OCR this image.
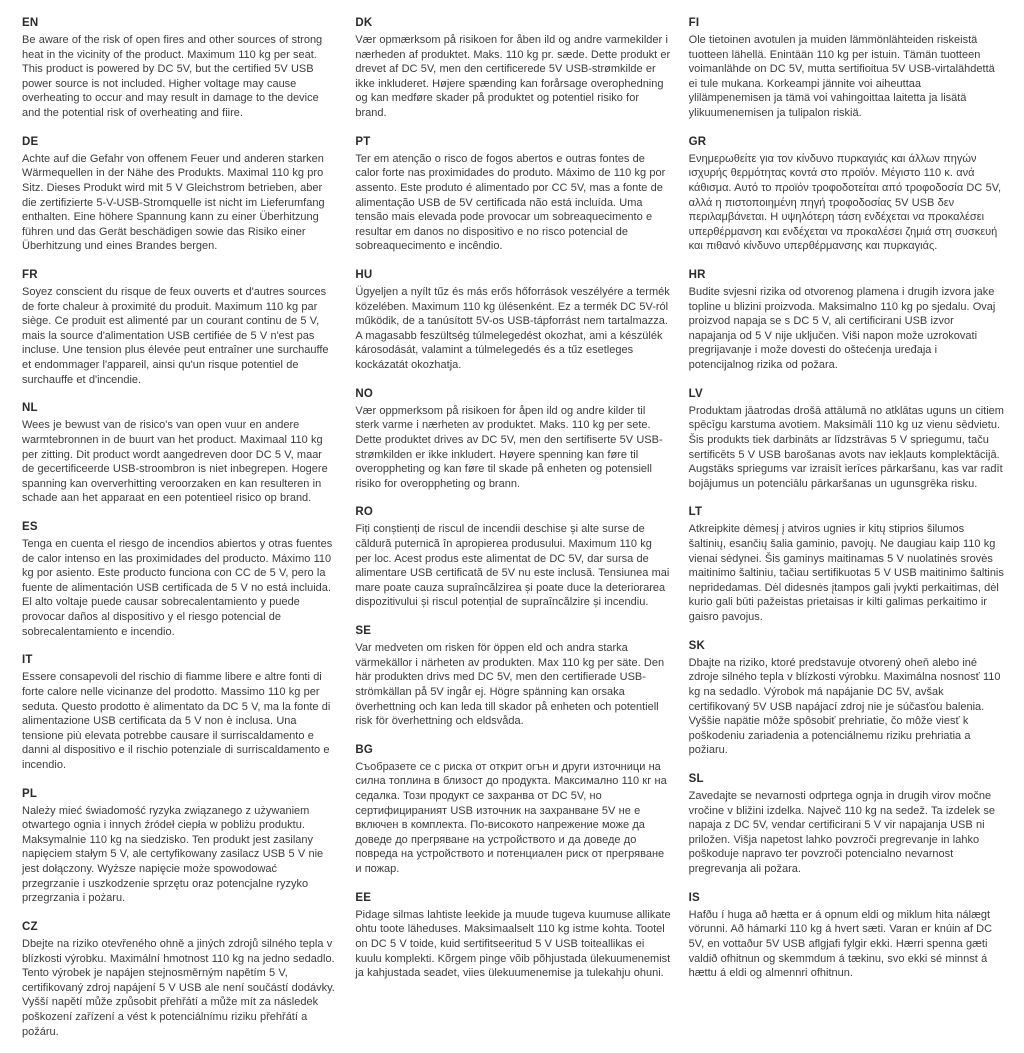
EN

Be aware of the risk of open fires and other sources of strong heat in the vicinity of the product. Maximum 110 kg per seat. This product is powered by DC 5V, but the certified 5V USB power source is not included. Higher voltage may cause overheating to occur and may result in damage to the device and the potential risk of overheating and fiire.

DE

Achte auf die Gefahr von offenem Feuer und anderen starken Wärmequellen in der Nähe des Produkts. Maximal 110 kg pro Sitz. Dieses Produkt wird mit 5 V Gleichstrom betrieben, aber die zertifizierte 5-V-USB-Stromquelle ist nicht im Lieferumfang enthalten. Eine höhere Spannung kann zu einer Überhitzung führen und das Gerät beschädigen sowie das Risiko einer Überhitzung und eines Brandes bergen.

FR

Soyez conscient du risque de feux ouverts et d'autres sources de forte chaleur à proximité du produit. Maximum 110 kg par siège. Ce produit est alimenté par un courant continu de 5 V, mais la source d'alimentation USB certifiée de 5 V n'est pas incluse. Une tension plus élevée peut entraîner une surchauffe et endommager l'appareil, ainsi qu'un risque potentiel de surchauffe et d'incendie.

NL

Wees je bewust van de risico's van open vuur en andere warmtebronnen in de buurt van het product. Maximaal 110 kg per zitting. Dit product wordt aangedreven door DC 5 V, maar de gecertificeerde USB-stroombron is niet inbegrepen. Hogere spanning kan oververhitting veroorzaken en kan resulteren in schade aan het apparaat en een potentieel risico op brand.

ES

Tenga en cuenta el riesgo de incendios abiertos y otras fuentes de calor intenso en las proximidades del producto. Máximo 110 kg por asiento. Este producto funciona con CC de 5 V, pero la fuente de alimentación USB certificada de 5 V no está incluida. El alto voltaje puede causar sobrecalentamiento y puede provocar daños al dispositivo y el riesgo potencial de sobrecalentamiento e incendio.

IT

Essere consapevoli del rischio di fiamme libere e altre fonti di forte calore nelle vicinanze del prodotto. Massimo 110 kg per seduta. Questo prodotto è alimentato da DC 5 V, ma la fonte di alimentazione USB certificata da 5 V non è inclusa. Una tensione più elevata potrebbe causare il surriscaldamento e danni al dispositivo e il rischio potenziale di surriscaldamento e incendio.

PL

Należy mieć świadomość ryzyka związanego z używaniem otwartego ognia i innych źródeł ciepła w pobliżu produktu. Maksymalnie 110 kg na siedzisko. Ten produkt jest zasilany napięciem stałym 5 V, ale certyfikowany zasilacz USB 5 V nie jest dołączony. Wyższe napięcie może spowodować przegrzanie i uszkodzenie sprzętu oraz potencjalne ryzyko przegrzania i pożaru.

CZ

Dbejte na riziko otevřeného ohně a jiných zdrojů silného tepla v blízkosti výrobku. Maximální hmotnost 110 kg na jedno sedadlo. Tento výrobek je napájen stejnosměrným napětím 5 V, certifikovaný zdroj napájení 5 V USB ale není součástí dodávky. Vyšší napětí může způsobit přehřátí a může mít za následek poškození zařízení a vést k potenciálnímu riziku přehřátí a požáru.

DK

Vær opmærksom på risikoen for åben ild og andre varmekilder i nærheden af produktet. Maks. 110 kg pr. sæde. Dette produkt er drevet af DC 5V, men den certificerede 5V USB-strømkilde er ikke inkluderet. Højere spænding kan forårsage overophedning og kan medføre skader på produktet og potentiel risiko for brand.

PT

Ter em atenção o risco de fogos abertos e outras fontes de calor forte nas proximidades do produto. Máximo de 110 kg por assento. Este produto é alimentado por CC 5V, mas a fonte de alimentação USB de 5V certificada não está incluída. Uma tensão mais elevada pode provocar um sobreaquecimento e resultar em danos no dispositivo e no risco potencial de sobreaquecimento e incêndio.

HU

Ügyeljen a nyílt tűz és más erős hőforrások veszélyére a termék közelében. Maximum 110 kg ülésenként. Ez a termék DC 5V-ról működik, de a tanúsított 5V-os USB-tápforrást nem tartalmazza. A magasabb feszültség túlmelegedést okozhat, ami a készülék károsodását, valamint a túlmelegedés és a tűz esetleges kockázatát okozhatja.

NO

Vær oppmerksom på risikoen for åpen ild og andre kilder til sterk varme i nærheten av produktet. Maks. 110 kg per sete. Dette produktet drives av DC 5V, men den sertifiserte 5V USB-strømkilden er ikke inkludert. Høyere spenning kan føre til overoppheting og kan føre til skade på enheten og potensiell risiko for overoppheting og brann.

RO

Fiți conștienți de riscul de incendii deschise și alte surse de căldură puternică în apropierea produsului. Maximum 110 kg per loc. Acest produs este alimentat de DC 5V, dar sursa de alimentare USB certificată de 5V nu este inclusă. Tensiunea mai mare poate cauza supraîncălzirea și poate duce la deteriorarea dispozitivului și riscul potențial de supraîncălzire și incendiu.

SE

Var medveten om risken för öppen eld och andra starka värmekällor i närheten av produkten. Max 110 kg per säte. Den här produkten drivs med DC 5V, men den certifierade USB-strömkällan på 5V ingår ej. Högre spänning kan orsaka överhettning och kan leda till skador på enheten och potentiell risk för överhettning och eldsvåda.

BG

Съобразете се с риска от открит огън и други източници на силна топлина в близост до продукта. Максимално 110 кг на седалка. Този продукт се захранва от DC 5V, но сертифицираният USB източник на захранване 5V не е включен в комплекта. По-високото напрежение може да доведе до прегряване на устройството и да доведе до повреда на устройството и потенциален риск от прегряване и пожар.

EE

Pidage silmas lahtiste leekide ja muude tugeva kuumuse allikate ohtu toote läheduses. Maksimaalselt 110 kg istme kohta. Tootel on DC 5 V toide, kuid sertifitseeritud 5 V USB toiteallikas ei kuulu komplekti. Kõrgem pinge võib põhjustada ülekuumenemist ja kahjustada seadet, viies ülekuumenemise ja tulekahju ohuni.

FI

Ole tietoinen avotulen ja muiden lämmönlähteiden riskeistä tuotteen lähellä. Enintään 110 kg per istuin. Tämän tuotteen voimanlähde on DC 5V, mutta sertifioitua 5V USB-virtalähdettä ei tule mukana. Korkeampi jännite voi aiheuttaa ylilämpenemisen ja tämä voi vahingoittaa laitetta ja lisätä ylikuumenemisen ja tulipalon riskiä.

GR

Ενημερωθείτε για τον κίνδυνο πυρκαγιάς και άλλων πηγών ισχυρής θερμότητας κοντά στο προϊόν. Μέγιστο 110 κ. ανά κάθισμα. Αυτό το προϊόν τροφοδοτείται από τροφοδοσία DC 5V, αλλά η πιστοποιημένη πηγή τροφοδοσίας 5V USB δεν περιλαμβάνεται. Η υψηλότερη τάση ενδέχεται να προκαλέσει υπερθέρμανση και ενδέχεται να προκαλέσει ζημιά στη συσκευή και πιθανό κίνδυνο υπερθέρμανσης και πυρκαγιάς.

HR

Budite svjesni rizika od otvorenog plamena i drugih izvora jake topline u blizini proizvoda. Maksimalno 110 kg po sjedalu. Ovaj proizvod napaja se s DC 5 V, ali certificirani USB izvor napajanja od 5 V nije uključen. Viši napon može uzrokovati pregrijavanje i može dovesti do oštećenja uređaja i potencijalnog rizika od požara.

LV

Produktam jāatrodas drošā attālumā no atklātas uguns un citiem spēcīgu karstuma avotiem. Maksimāli 110 kg uz vienu sēdvietu. Šis produkts tiek darbināts ar līdzstrāvas 5 V spriegumu, taču sertificēts 5 V USB barošanas avots nav iekļauts komplektācijā. Augstāks spriegums var izraisīt ierīces pārkaršanu, kas var radīt bojājumus un potenciālu pārkaršanas un ugunsgrēka risku.

LT

Atkreipkite dėmesį į atviros ugnies ir kitų stiprios šilumos šaltinių, esančių šalia gaminio, pavojų. Ne daugiau kaip 110 kg vienai sėdynei. Šis gaminys maitinamas 5 V nuolatinės srovės maitinimo šaltiniu, tačiau sertifikuotas 5 V USB maitinimo šaltinis nepridedamas. Dėl didesnės įtampos gali įvykti perkaitimas, dėl kurio gali būti pažeistas prietaisas ir kilti galimas perkaitimo ir gaisro pavojus.

SK

Dbajte na riziko, ktoré predstavuje otvorený oheň alebo iné zdroje silného tepla v blízkosti výrobku. Maximálna nosnosť 110 kg na sedadlo. Výrobok má napájanie DC 5V, avšak certifikovaný 5V USB napájací zdroj nie je súčasťou balenia. Vyššie napätie môže spôsobiť prehriatie, čo môže viesť k poškodeniu zariadenia a potenciálnemu riziku prehriatia a požiaru.

SL

Zavedajte se nevarnosti odprtega ognja in drugih virov močne vročine v bližini izdelka. Največ 110 kg na sedež. Ta izdelek se napaja z DC 5V, vendar certificirani 5 V vir napajanja USB ni priložen. Višja napetost lahko povzroči pregrevanje in lahko poškoduje napravo ter povzroči potencialno nevarnost pregrevanja ali požara.

IS

Hafðu í huga að hætta er á opnum eldi og miklum hita nálægt vörunni. Að hámarki 110 kg á hvert sæti. Varan er knúin af DC 5V, en vottaður 5V USB aflgjafi fylgir ekki. Hærri spenna gæti valdið ofhitnun og skemmdum á tækinu, svo ekki sé minnst á hættu á eldi og almennri ofhitnun.
